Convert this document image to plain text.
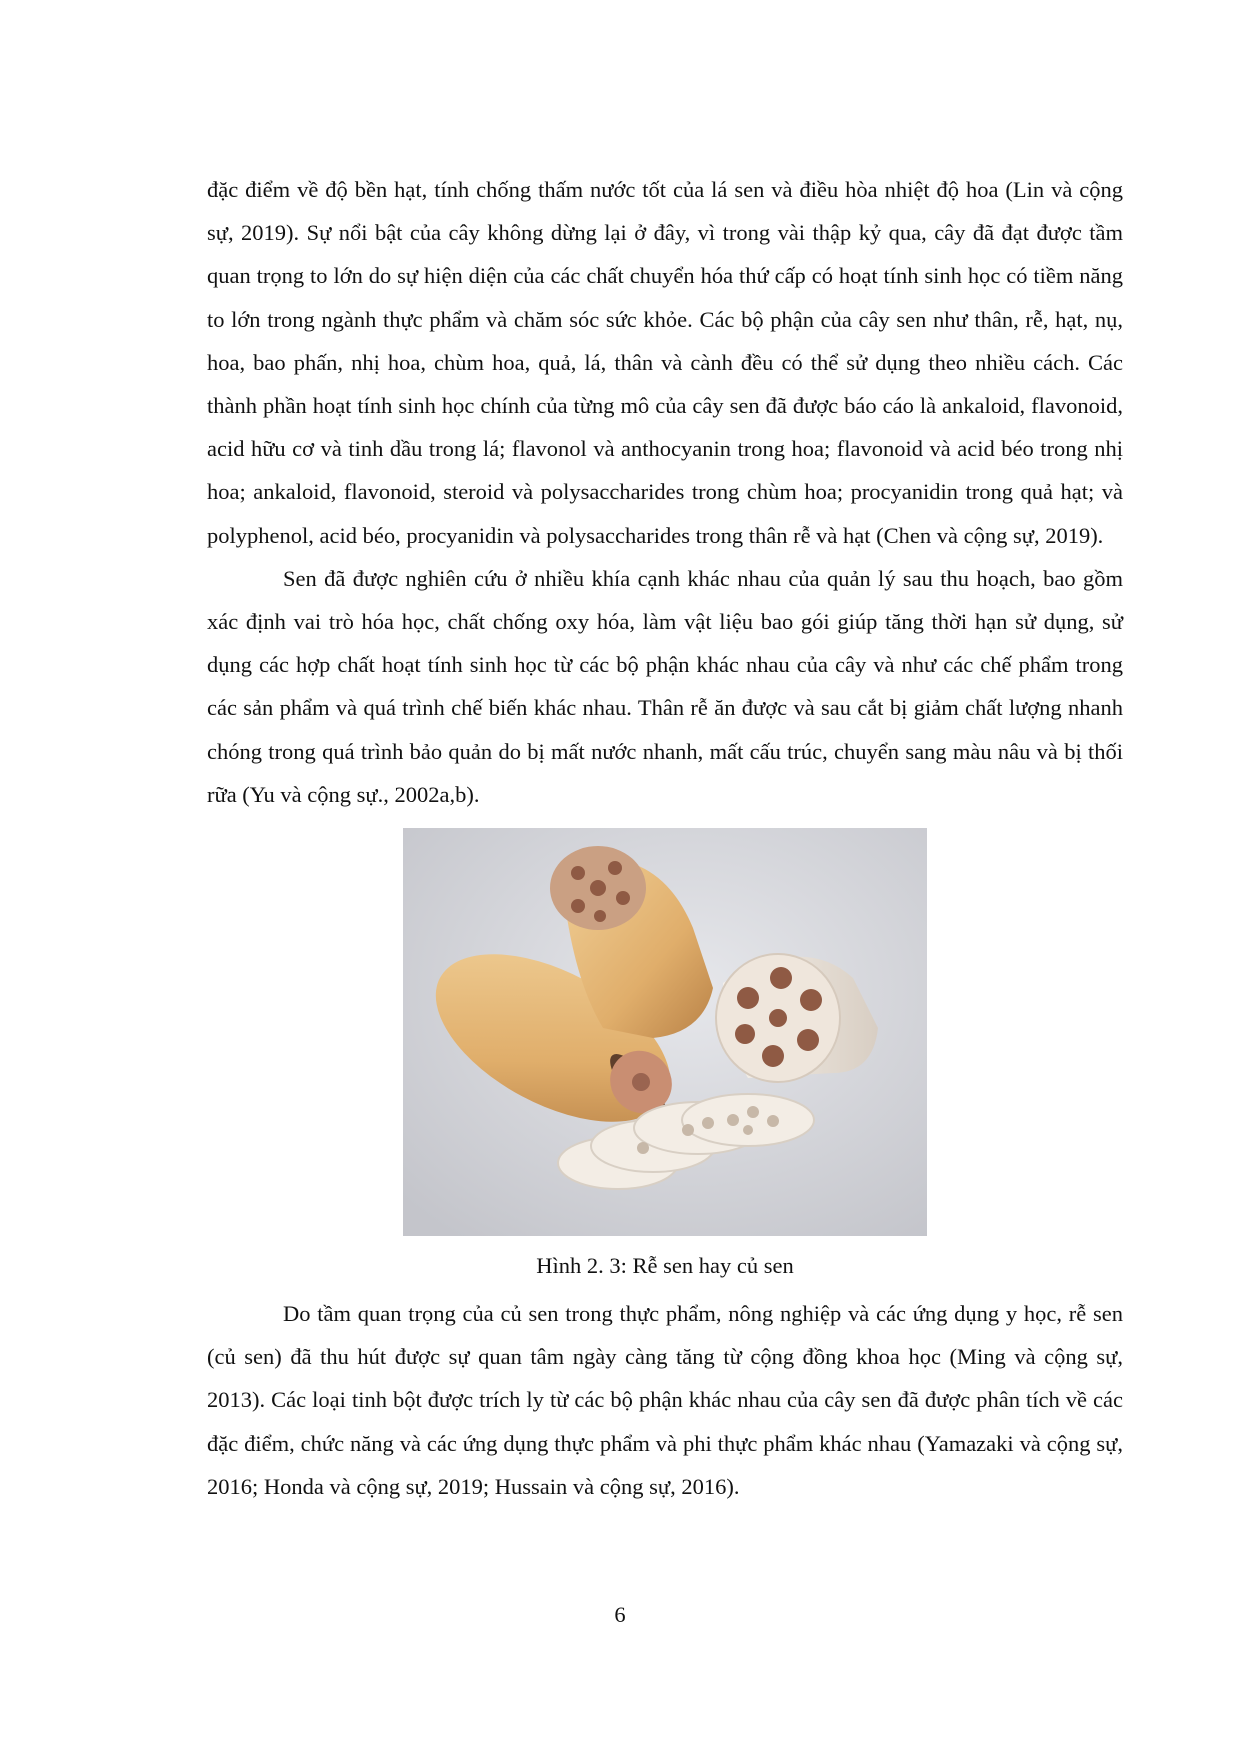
đặc điểm về độ bền hạt, tính chống thấm nước tốt của lá sen và điều hòa nhiệt độ hoa (Lin và cộng sự, 2019). Sự nổi bật của cây không dừng lại ở đây, vì trong vài thập kỷ qua, cây đã đạt được tầm quan trọng to lớn do sự hiện diện của các chất chuyển hóa thứ cấp có hoạt tính sinh học có tiềm năng to lớn trong ngành thực phẩm và chăm sóc sức khỏe. Các bộ phận của cây sen như thân, rễ, hạt, nụ, hoa, bao phấn, nhị hoa, chùm hoa, quả, lá, thân và cành đều có thể sử dụng theo nhiều cách. Các thành phần hoạt tính sinh học chính của từng mô của cây sen đã được báo cáo là ankaloid, flavonoid, acid hữu cơ và tinh dầu trong lá; flavonol và anthocyanin trong hoa; flavonoid và acid béo trong nhị hoa; ankaloid, flavonoid, steroid và polysaccharides trong chùm hoa; procyanidin trong quả hạt; và polyphenol, acid béo, procyanidin và polysaccharides trong thân rễ và hạt (Chen và cộng sự, 2019).

Sen đã được nghiên cứu ở nhiều khía cạnh khác nhau của quản lý sau thu hoạch, bao gồm xác định vai trò hóa học, chất chống oxy hóa, làm vật liệu bao gói giúp tăng thời hạn sử dụng, sử dụng các hợp chất hoạt tính sinh học từ các bộ phận khác nhau của cây và như các chế phẩm trong các sản phẩm và quá trình chế biến khác nhau. Thân rễ ăn được và sau cắt bị giảm chất lượng nhanh chóng trong quá trình bảo quản do bị mất nước nhanh, mất cấu trúc, chuyển sang màu nâu và bị thối rữa (Yu và cộng sự., 2002a,b).

Hình 2. 3: Rễ sen hay củ sen

Do tầm quan trọng của củ sen trong thực phẩm, nông nghiệp và các ứng dụng y học, rễ sen (củ sen) đã thu hút được sự quan tâm ngày càng tăng từ cộng đồng khoa học (Ming và cộng sự, 2013). Các loại tinh bột được trích ly từ các bộ phận khác nhau của cây sen đã được phân tích về các đặc điểm, chức năng và các ứng dụng thực phẩm và phi thực phẩm khác nhau (Yamazaki và cộng sự, 2016; Honda và cộng sự, 2019; Hussain và cộng sự, 2016).

6
